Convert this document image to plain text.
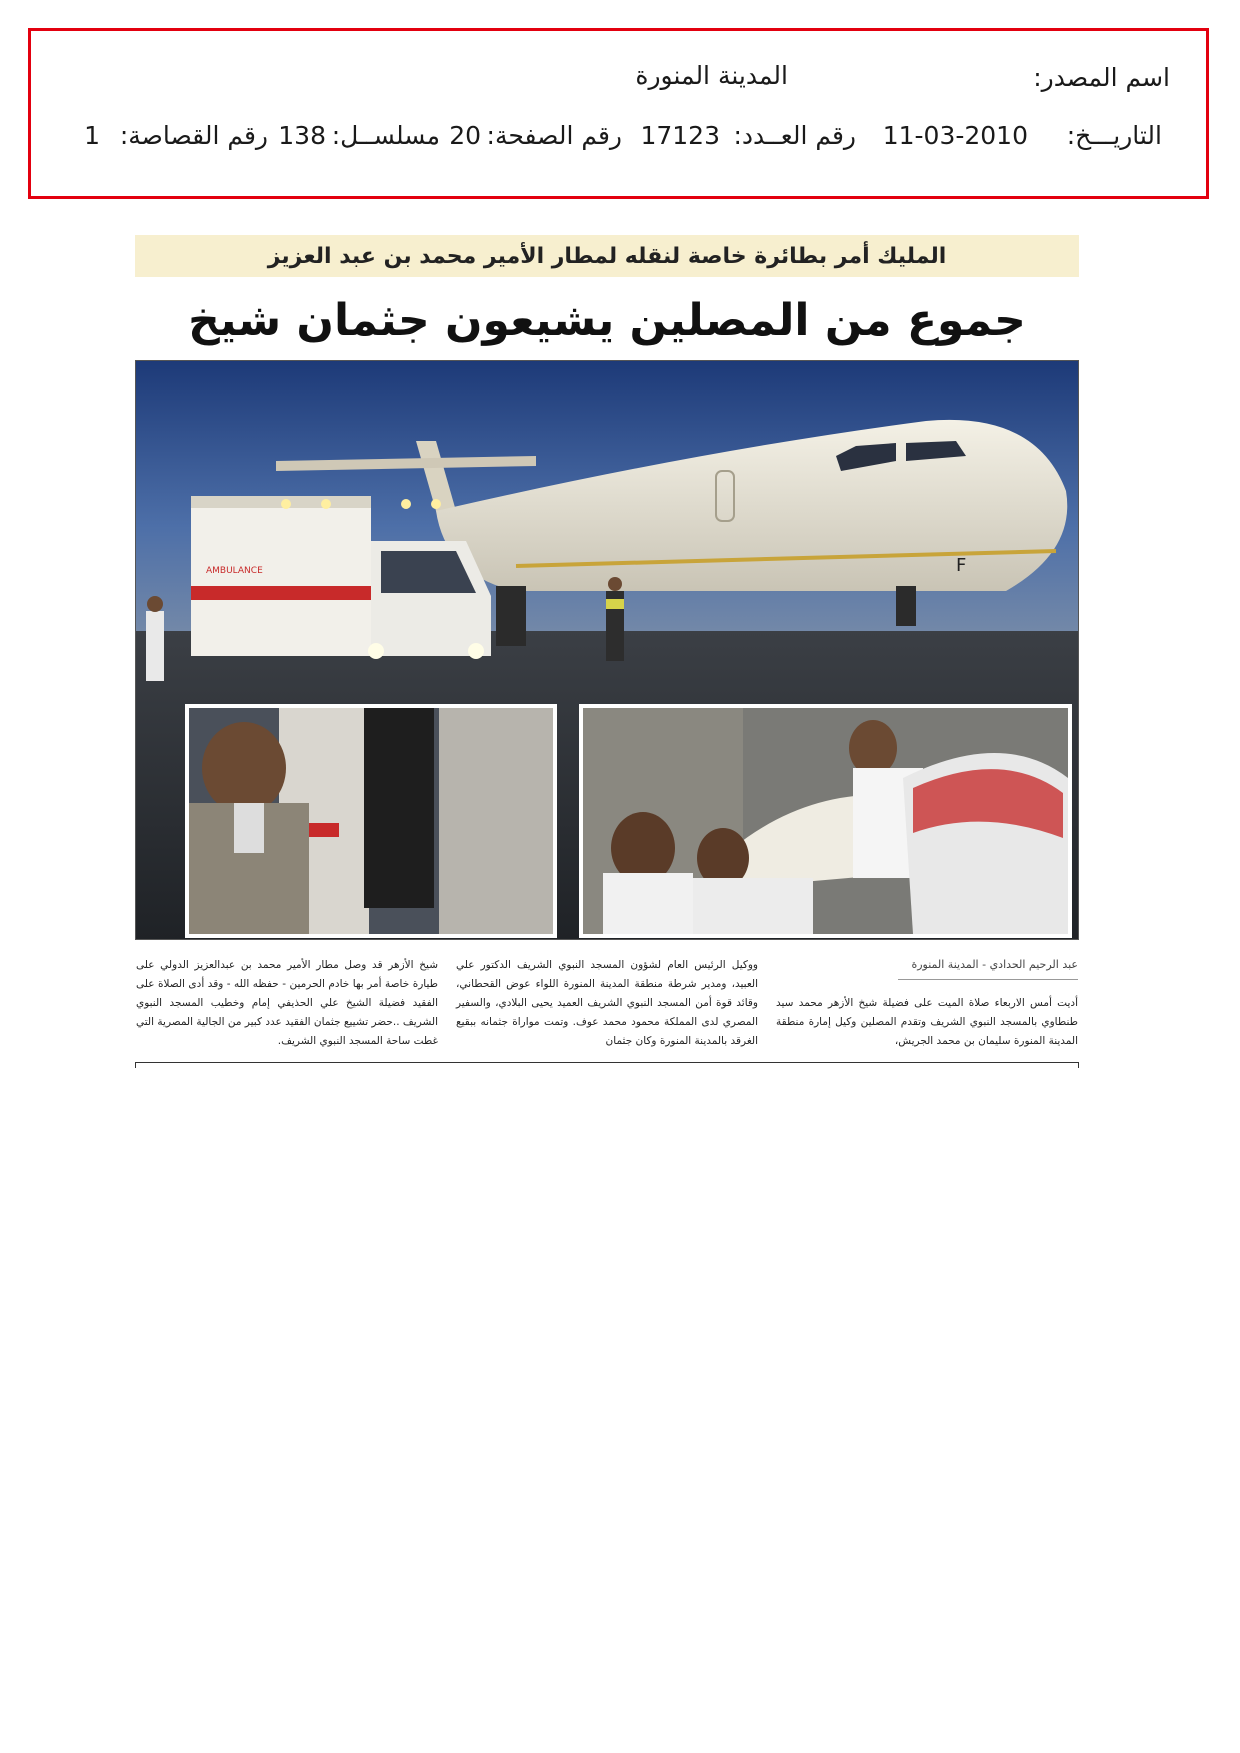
اسم المصدر:
المدينة المنورة
التاريـــخ:
11-03-2010
رقم العــدد:
17123
رقم الصفحة:
20
مسلســل:
138
رقم القصاصة:
1
المليك أمر بطائرة خاصة لنقله لمطار الأمير محمد بن عبد العزيز
جموع من المصلين يشيعون جثمان شيخ
F
AMBULANCE
عبد الرحيم الحدادي - المدينة المنورة
أديت أمس الاربعاء صلاة الميت على فضيلة شيخ الأزهر محمد سيد طنطاوي بالمسجد النبوي الشريف وتقدم المصلين وكيل إمارة منطقة المدينة المنورة سليمان بن محمد الجريش،
ووكيل الرئيس العام لشؤون المسجد النبوي الشريف الدكتور علي العبيد، ومدير شرطة منطقة المدينة المنورة اللواء عوض القحطاني، وقائد قوة أمن المسجد النبوي الشريف العميد يحيى البلادي، والسفير المصري لدى المملكة محمود محمد عوف. وتمت مواراة جثمانه ببقيع الغرقد بالمدينة المنورة وكان جثمان
شيخ الأزهر قد وصل مطار الأمير محمد بن عبدالعزيز الدولي على طيارة خاصة أمر بها خادم الحرمين - حفظه الله - وقد أدى الصلاة على الفقيد فضيلة الشيخ علي الحذيفي إمام وخطيب المسجد النبوي الشريف ..حضر تشييع جثمان الفقيد عدد كبير من الجالية المصرية التي غطت ساحة المسجد النبوي الشريف.
